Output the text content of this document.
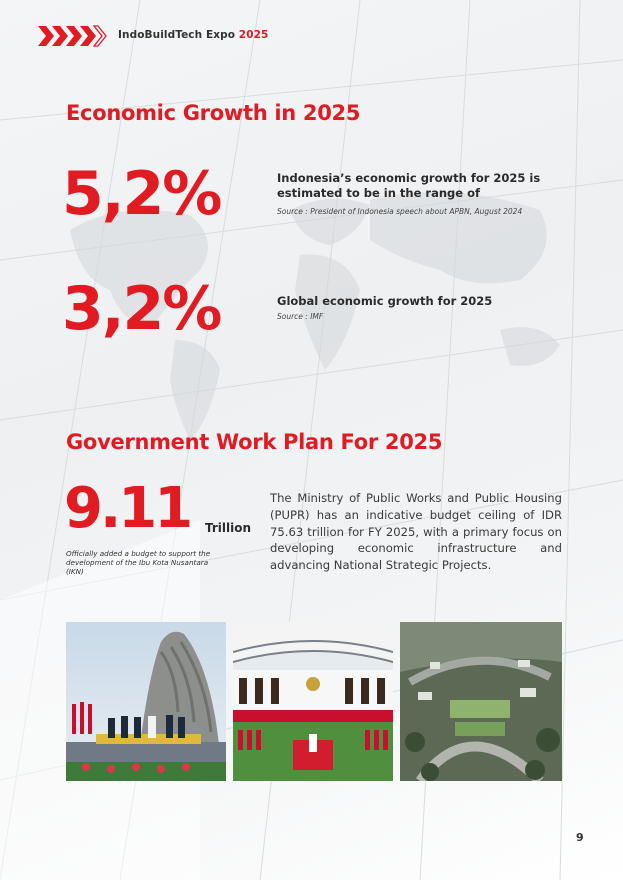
IndoBuildTech Expo 2025
Economic Growth in 2025
5,2%	Indonesia’s economic growth for 2025 is estimated to be in the range of
Source : President of Indonesia speech about APBN, August 2024
3,2%	Global economic growth for 2025
Source : IMF
Government Work Plan For 2025
9.11 Trillion
Officially added a budget to support the development of the Ibu Kota Nusantara (IKN)
The Ministry of Public Works and Public Housing (PUPR) has an indicative budget ceiling of IDR 75.63 trillion for FY 2025, with a primary focus on developing economic infrastructure and advancing National Strategic Projects.
9
